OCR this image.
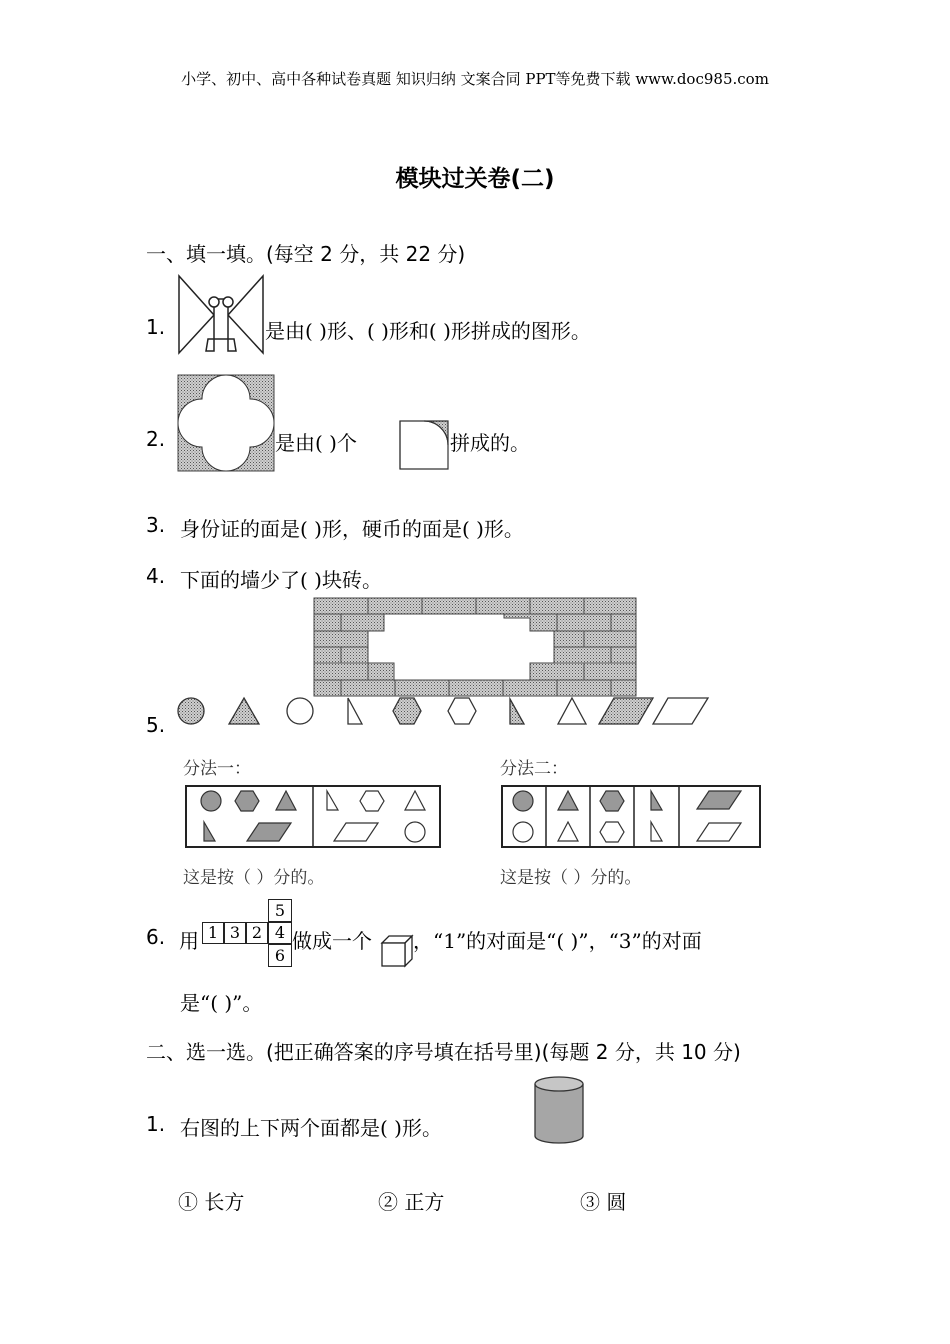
小学、初中、高中各种试卷真题 知识归纳 文案合同 PPT等免费下载 www.doc985.com
模块过关卷(二)
一、填一填。(每空 2 分，共 22 分)
1.	是由( )形、( )形和( )形拼成的图形。
2.	是由( )个	拼成的。
3. 身份证的面是( )形，硬币的面是( )形。
4. 下面的墙少了( )块砖。
5.
分法一：	分法二：
这是按（ ）分的。	这是按（ ）分的。
6. 用 1 3 2 4
5
6
做成一个 ，“1”的对面是“( )”，“3”的对面
是“( )”。
二、选一选。(把正确答案的序号填在括号里)(每题 2 分，共 10 分)
1. 右图的上下两个面都是( )形。
① 长方	② 正方	③ 圆
